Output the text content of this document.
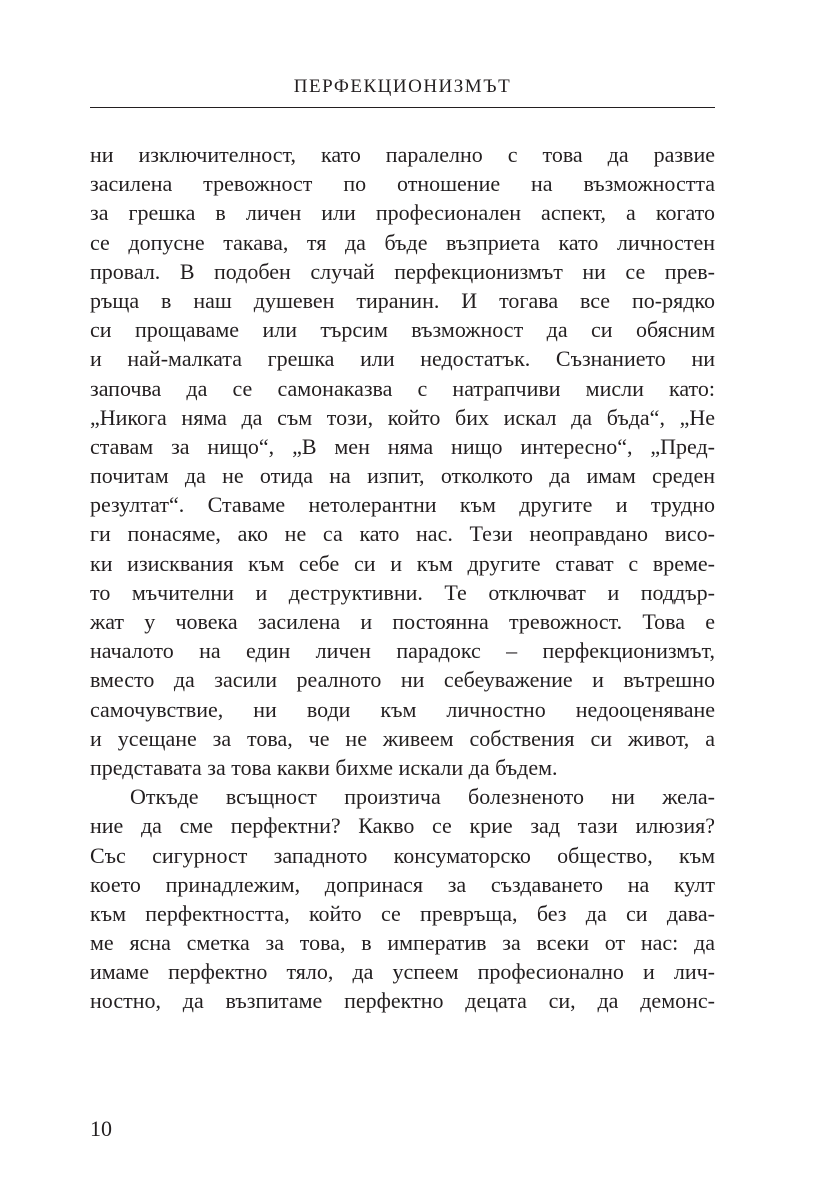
ПЕРФЕКЦИОНИЗМЪТ
ни изключителност, като паралелно с това да развие
засилена тревожност по отношение на възможността
за грешка в личен или професионален аспект, а когато
се допусне такава, тя да бъде възприета като личностен
провал. В подобен случай перфекционизмът ни се прев-
ръща в наш душевен тиранин. И тогава все по-рядко
си прощаваме или търсим възможност да си обясним
и най-малката грешка или недостатък. Съзнанието ни
започва да се самонаказва с натрапчиви мисли като:
„Никога няма да съм този, който бих искал да бъда“, „Не
ставам за нищо“, „В мен няма нищо интересно“, „Пред-
почитам да не отида на изпит, отколкото да имам среден
резултат“. Ставаме нетолерантни към другите и трудно
ги понасяме, ако не са като нас. Тези неоправдано висо-
ки изисквания към себе си и към другите стават с време-
то мъчителни и деструктивни. Те отключват и поддър-
жат у човека засилена и постоянна тревожност. Това е
началото на един личен парадокс – перфекционизмът,
вместо да засили реалното ни себеуважение и вътрешно
самочувствие, ни води към личностно недооценяване
и усещане за това, че не живеем собствения си живот, а
представата за това какви бихме искали да бъдем.
Откъде всъщност произтича болезненото ни жела-
ние да сме перфектни? Какво се крие зад тази илюзия?
Със сигурност западното консуматорско общество, към
което принадлежим, допринася за създаването на култ
към перфектността, който се превръща, без да си дава-
ме ясна сметка за това, в императив за всеки от нас: да
имаме перфектно тяло, да успеем професионално и лич-
ностно, да възпитаме перфектно децата си, да демонс-
10
